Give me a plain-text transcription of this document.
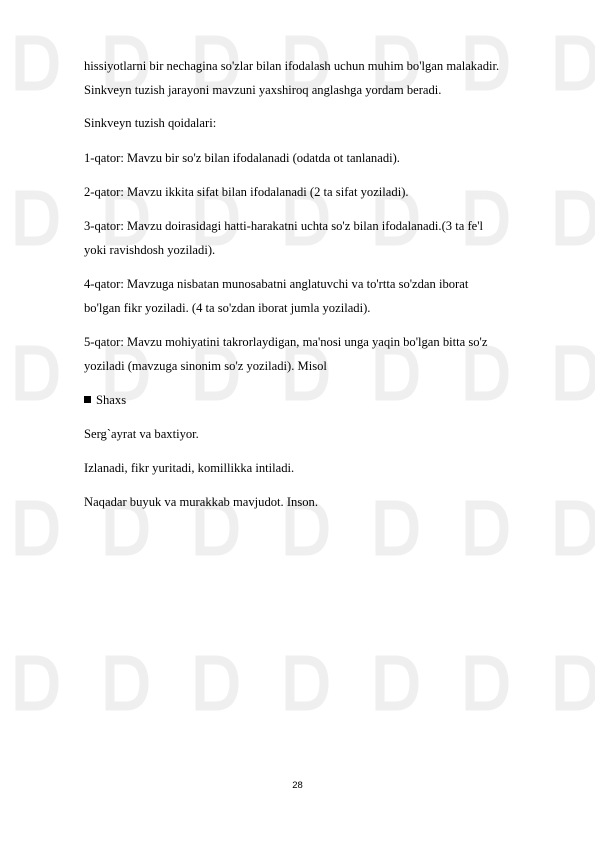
hissiyotlarni bir nechagina so'zlar bilan ifodalash uchun muhim bo'lgan malakadir.
Sinkveyn tuzish jarayoni mavzuni yaxshiroq anglashga yordam beradi.
Sinkveyn tuzish qoidalari:
1-qator: Mavzu bir so'z bilan ifodalanadi (odatda ot tanlanadi).
2-qator: Mavzu ikkita sifat bilan ifodalanadi (2 ta sifat yoziladi).
3-qator: Mavzu doirasidagi hatti-harakatni uchta so'z bilan ifodalanadi.(3 ta fe'l
yoki ravishdosh yoziladi).
4-qator: Mavzuga nisbatan munosabatni anglatuvchi va to'rtta so'zdan iborat
bo'lgan fikr yoziladi. (4 ta so'zdan iborat jumla yoziladi).
5-qator: Mavzu mohiyatini takrorlaydigan, ma'nosi unga yaqin bo'lgan bitta so'z
yoziladi (mavzuga sinonim so'z yoziladi). Misol
Shaxs
Serg`ayrat va baxtiyor.
Izlanadi, fikr yuritadi, komillikka intiladi.
Naqadar buyuk va murakkab mavjudot. Inson.
28
